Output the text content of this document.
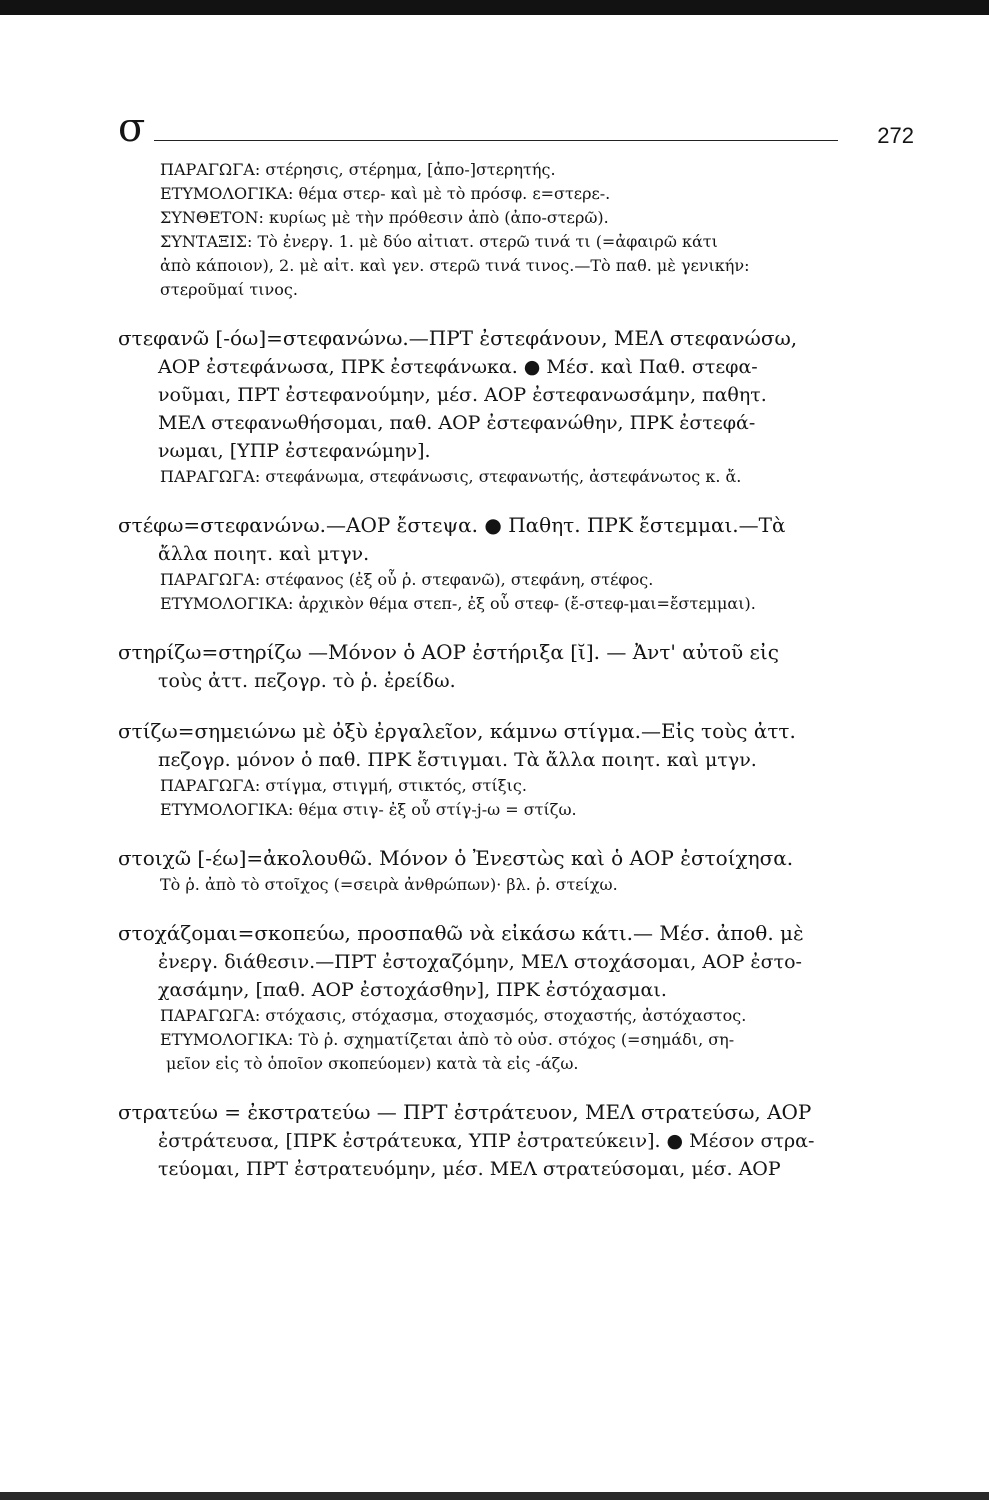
σ	272

ΠΑΡΑΓΩΓΑ: στέρησις, στέρημα, [ἀπο-]στερητής.

ΕΤΥΜΟΛΟΓΙΚΑ: θέμα στερ- καὶ μὲ τὸ πρόσφ. ε=στερε-.

ΣΥΝΘΕΤΟΝ: κυρίως μὲ τὴν πρόθεσιν ἀπὸ (ἀπο-στερῶ).

ΣΥΝΤΑΞΙΣ: Τὸ ἐνεργ. 1. μὲ δύο αἰτιατ. στερῶ τινά τι (=ἀφαιρῶ κάτι

ἀπὸ κάποιον), 2. μὲ αἰτ. καὶ γεν. στερῶ τινά τινος.—Τὸ παθ. μὲ γενικήν:

στεροῦμαί τινος.

στεφανῶ [-όω]=στεφανώνω.—ΠΡΤ ἐστεφάνουν, ΜΕΛ στεφανώσω,

ΑΟΡ ἐστεφάνωσα, ΠΡΚ ἐστεφάνωκα. ● Μέσ. καὶ Παθ. στεφα-

νοῦμαι, ΠΡΤ ἐστεφανούμην, μέσ. ΑΟΡ ἐστεφανωσάμην, παθητ.

ΜΕΛ στεφανωθήσομαι, παθ. ΑΟΡ ἐστεφανώθην, ΠΡΚ ἐστεφά-

νωμαι, [ΥΠΡ ἐστεφανώμην].

ΠΑΡΑΓΩΓΑ: στεφάνωμα, στεφάνωσις, στεφανωτής, ἀστεφάνωτος κ. ἄ.

στέφω=στεφανώνω.—ΑΟΡ ἔστεψα. ● Παθητ. ΠΡΚ ἔστεμμαι.—Τὰ

ἄλλα ποιητ. καὶ μτγν.

ΠΑΡΑΓΩΓΑ: στέφανος (ἐξ οὗ ῥ. στεφανῶ), στεφάνη, στέφος.

ΕΤΥΜΟΛΟΓΙΚΑ: ἀρχικὸν θέμα στεπ-, ἐξ οὗ στεφ- (ἔ-στεφ-μαι=ἔστεμμαι).

στηρίζω=στηρίζω —Μόνον ὁ ΑΟΡ ἐστήριξα [ῐ]. — Ἀντ' αὐτοῦ εἰς

τοὺς ἀττ. πεζογρ. τὸ ῥ. ἐρείδω.

στίζω=σημειώνω μὲ ὀξὺ ἐργαλεῖον, κάμνω στίγμα.—Εἰς τοὺς ἀττ.

πεζογρ. μόνον ὁ παθ. ΠΡΚ ἔστιγμαι. Τὰ ἄλλα ποιητ. καὶ μτγν.

ΠΑΡΑΓΩΓΑ: στίγμα, στιγμή, στικτός, στίξις.

ΕΤΥΜΟΛΟΓΙΚΑ: θέμα στιγ- ἐξ οὗ στίγ-j-ω = στίζω.

στοιχῶ [-έω]=ἀκολουθῶ. Μόνον ὁ Ἐνεστὼς καὶ ὁ ΑΟΡ ἐστοίχησα.

Τὸ ῥ. ἀπὸ τὸ στοῖχος (=σειρὰ ἀνθρώπων)· βλ. ῥ. στείχω.

στοχάζομαι=σκοπεύω, προσπαθῶ νὰ εἰκάσω κάτι.— Μέσ. ἀποθ. μὲ

ἐνεργ. διάθεσιν.—ΠΡΤ ἐστοχαζόμην, ΜΕΛ στοχάσομαι, ΑΟΡ ἐστο-

χασάμην, [παθ. ΑΟΡ ἐστοχάσθην], ΠΡΚ ἐστόχασμαι.

ΠΑΡΑΓΩΓΑ: στόχασις, στόχασμα, στοχασμός, στοχαστής, ἀστόχαστος.

ΕΤΥΜΟΛΟΓΙΚΑ: Τὸ ῥ. σχηματίζεται ἀπὸ τὸ οὐσ. στόχος (=σημάδι, ση-

μεῖον εἰς τὸ ὁποῖον σκοπεύομεν) κατὰ τὰ εἰς -άζω.

στρατεύω = ἐκστρατεύω — ΠΡΤ ἐστράτευον, ΜΕΛ στρατεύσω, ΑΟΡ

ἐστράτευσα, [ΠΡΚ ἐστράτευκα, ΥΠΡ ἐστρατεύκειν]. ● Μέσον στρα-

τεύομαι, ΠΡΤ ἐστρατευόμην, μέσ. ΜΕΛ στρατεύσομαι, μέσ. ΑΟΡ
